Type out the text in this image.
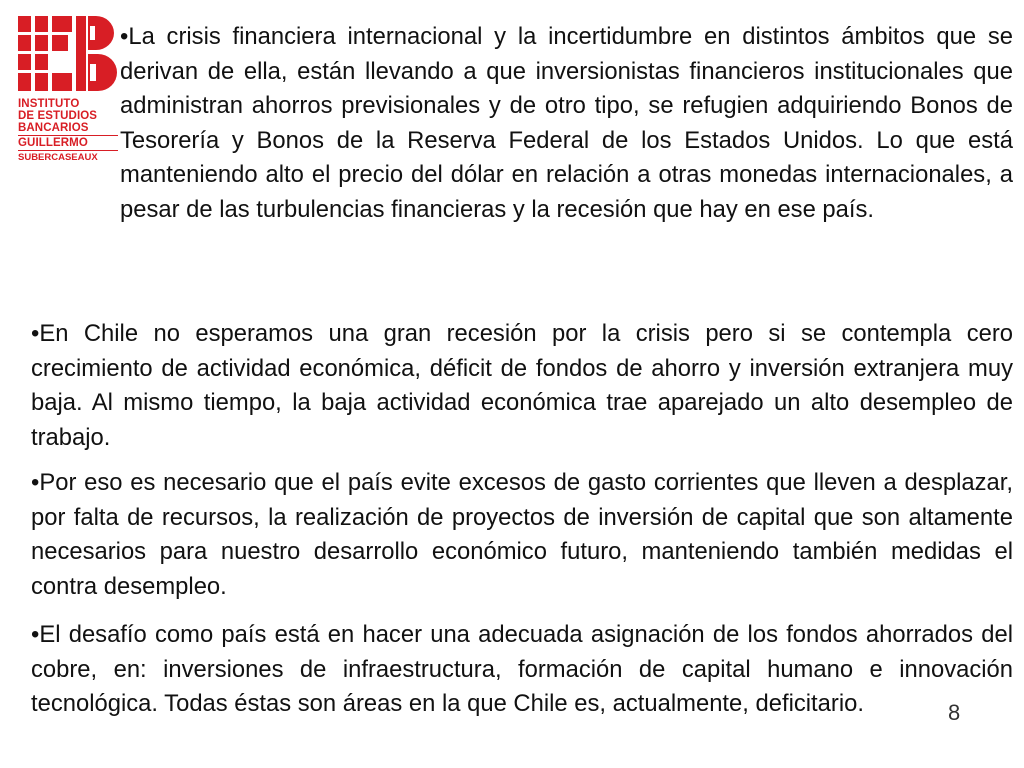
INSTITUTO
DE ESTUDIOS
BANCARIOS
GUILLERMO
SUBERCASEAUX

•La crisis financiera internacional y la incertidumbre en distintos ámbitos que se derivan de ella, están llevando a que inversionistas financieros institucionales que administran ahorros previsionales y de otro tipo, se refugien adquiriendo Bonos de Tesorería y Bonos de la Reserva Federal de los Estados Unidos. Lo que está manteniendo alto el precio del dólar en relación a otras monedas internacionales, a pesar de las turbulencias financieras y la recesión que hay en ese país.

•En Chile no esperamos una gran recesión por la crisis pero si se contempla cero crecimiento de actividad económica, déficit de fondos de ahorro y inversión extranjera muy baja. Al mismo tiempo, la baja actividad económica trae aparejado un alto desempleo de trabajo.

•Por eso es necesario que el país evite excesos de gasto corrientes que lleven a desplazar, por falta de recursos, la realización de proyectos de inversión de capital que son altamente necesarios para nuestro desarrollo económico futuro, manteniendo también medidas el contra desempleo.

•El desafío como país está en hacer una adecuada asignación de los fondos ahorrados del cobre, en: inversiones de infraestructura, formación de capital humano e innovación tecnológica. Todas éstas son áreas en la que Chile es, actualmente, deficitario.	8
